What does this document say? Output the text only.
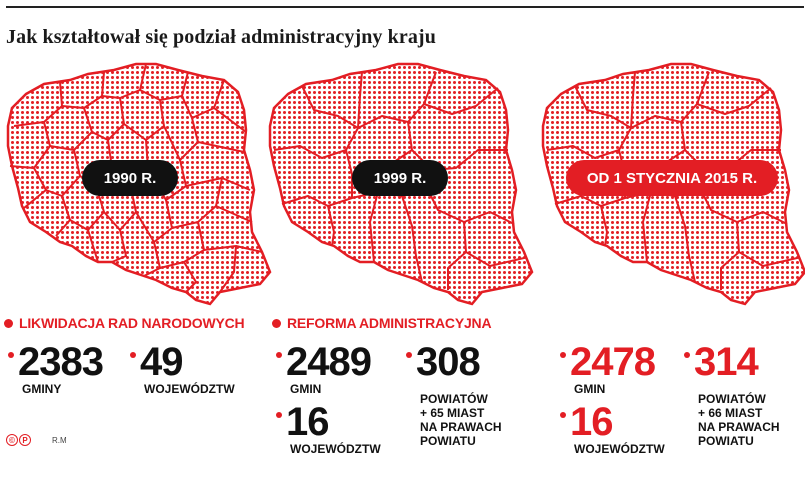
Jak kształtował się podział administracyjny kraju
1990 R.	1999 R.	OD 1 STYCZNIA 2015 R.
LIKWIDACJA RAD NARODOWYCH
2383
GMINY
49
WOJEWÓDZTW
REFORMA ADMINISTRACYJNA
2489
GMIN
308
POWIATÓW
+ 65 MIAST
NA PRAWACH
POWIATU
16
WOJEWÓDZTW
2478
GMIN
314
POWIATÓW
+ 66 MIAST
NA PRAWACH
POWIATU
16
WOJEWÓDZTW
© P	R.M
